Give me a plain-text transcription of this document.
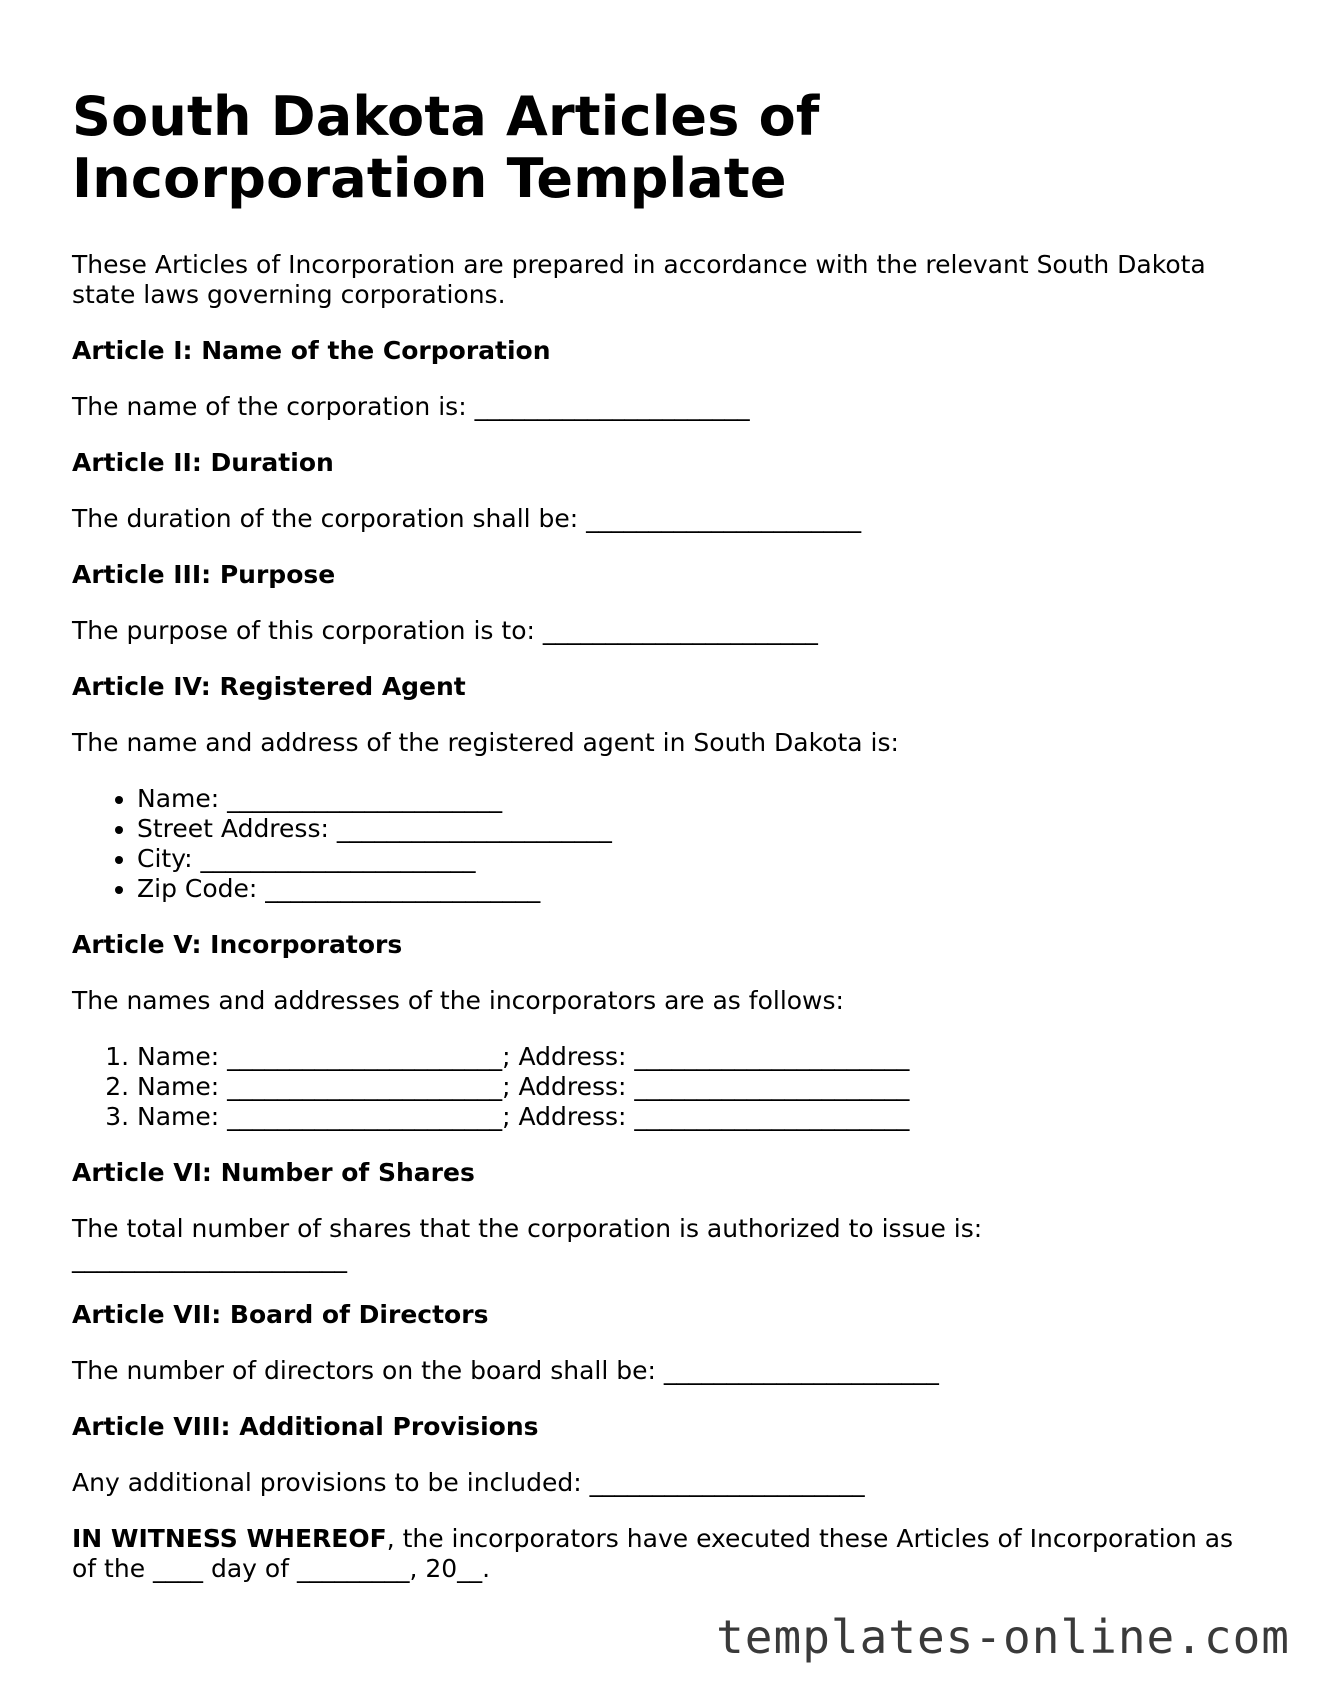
South Dakota Articles of Incorporation Template

These Articles of Incorporation are prepared in accordance with the relevant South Dakota state laws governing corporations.

Article I: Name of the Corporation

The name of the corporation is: ______________________

Article II: Duration

The duration of the corporation shall be: ______________________

Article III: Purpose

The purpose of this corporation is to: ______________________

Article IV: Registered Agent

The name and address of the registered agent in South Dakota is:

• Name: ______________________
• Street Address: ______________________
• City: ______________________
• Zip Code: ______________________
Article V: Incorporators

The names and addresses of the incorporators are as follows:

1. Name: ______________________; Address: ______________________
2. Name: ______________________; Address: ______________________
3. Name: ______________________; Address: ______________________
Article VI: Number of Shares

The total number of shares that the corporation is authorized to issue is: ______________________

Article VII: Board of Directors

The number of directors on the board shall be: ______________________

Article VIII: Additional Provisions

Any additional provisions to be included: ______________________

IN WITNESS WHEREOF, the incorporators have executed these Articles of Incorporation as of the ____ day of _________, 20__.

templates-online.com
